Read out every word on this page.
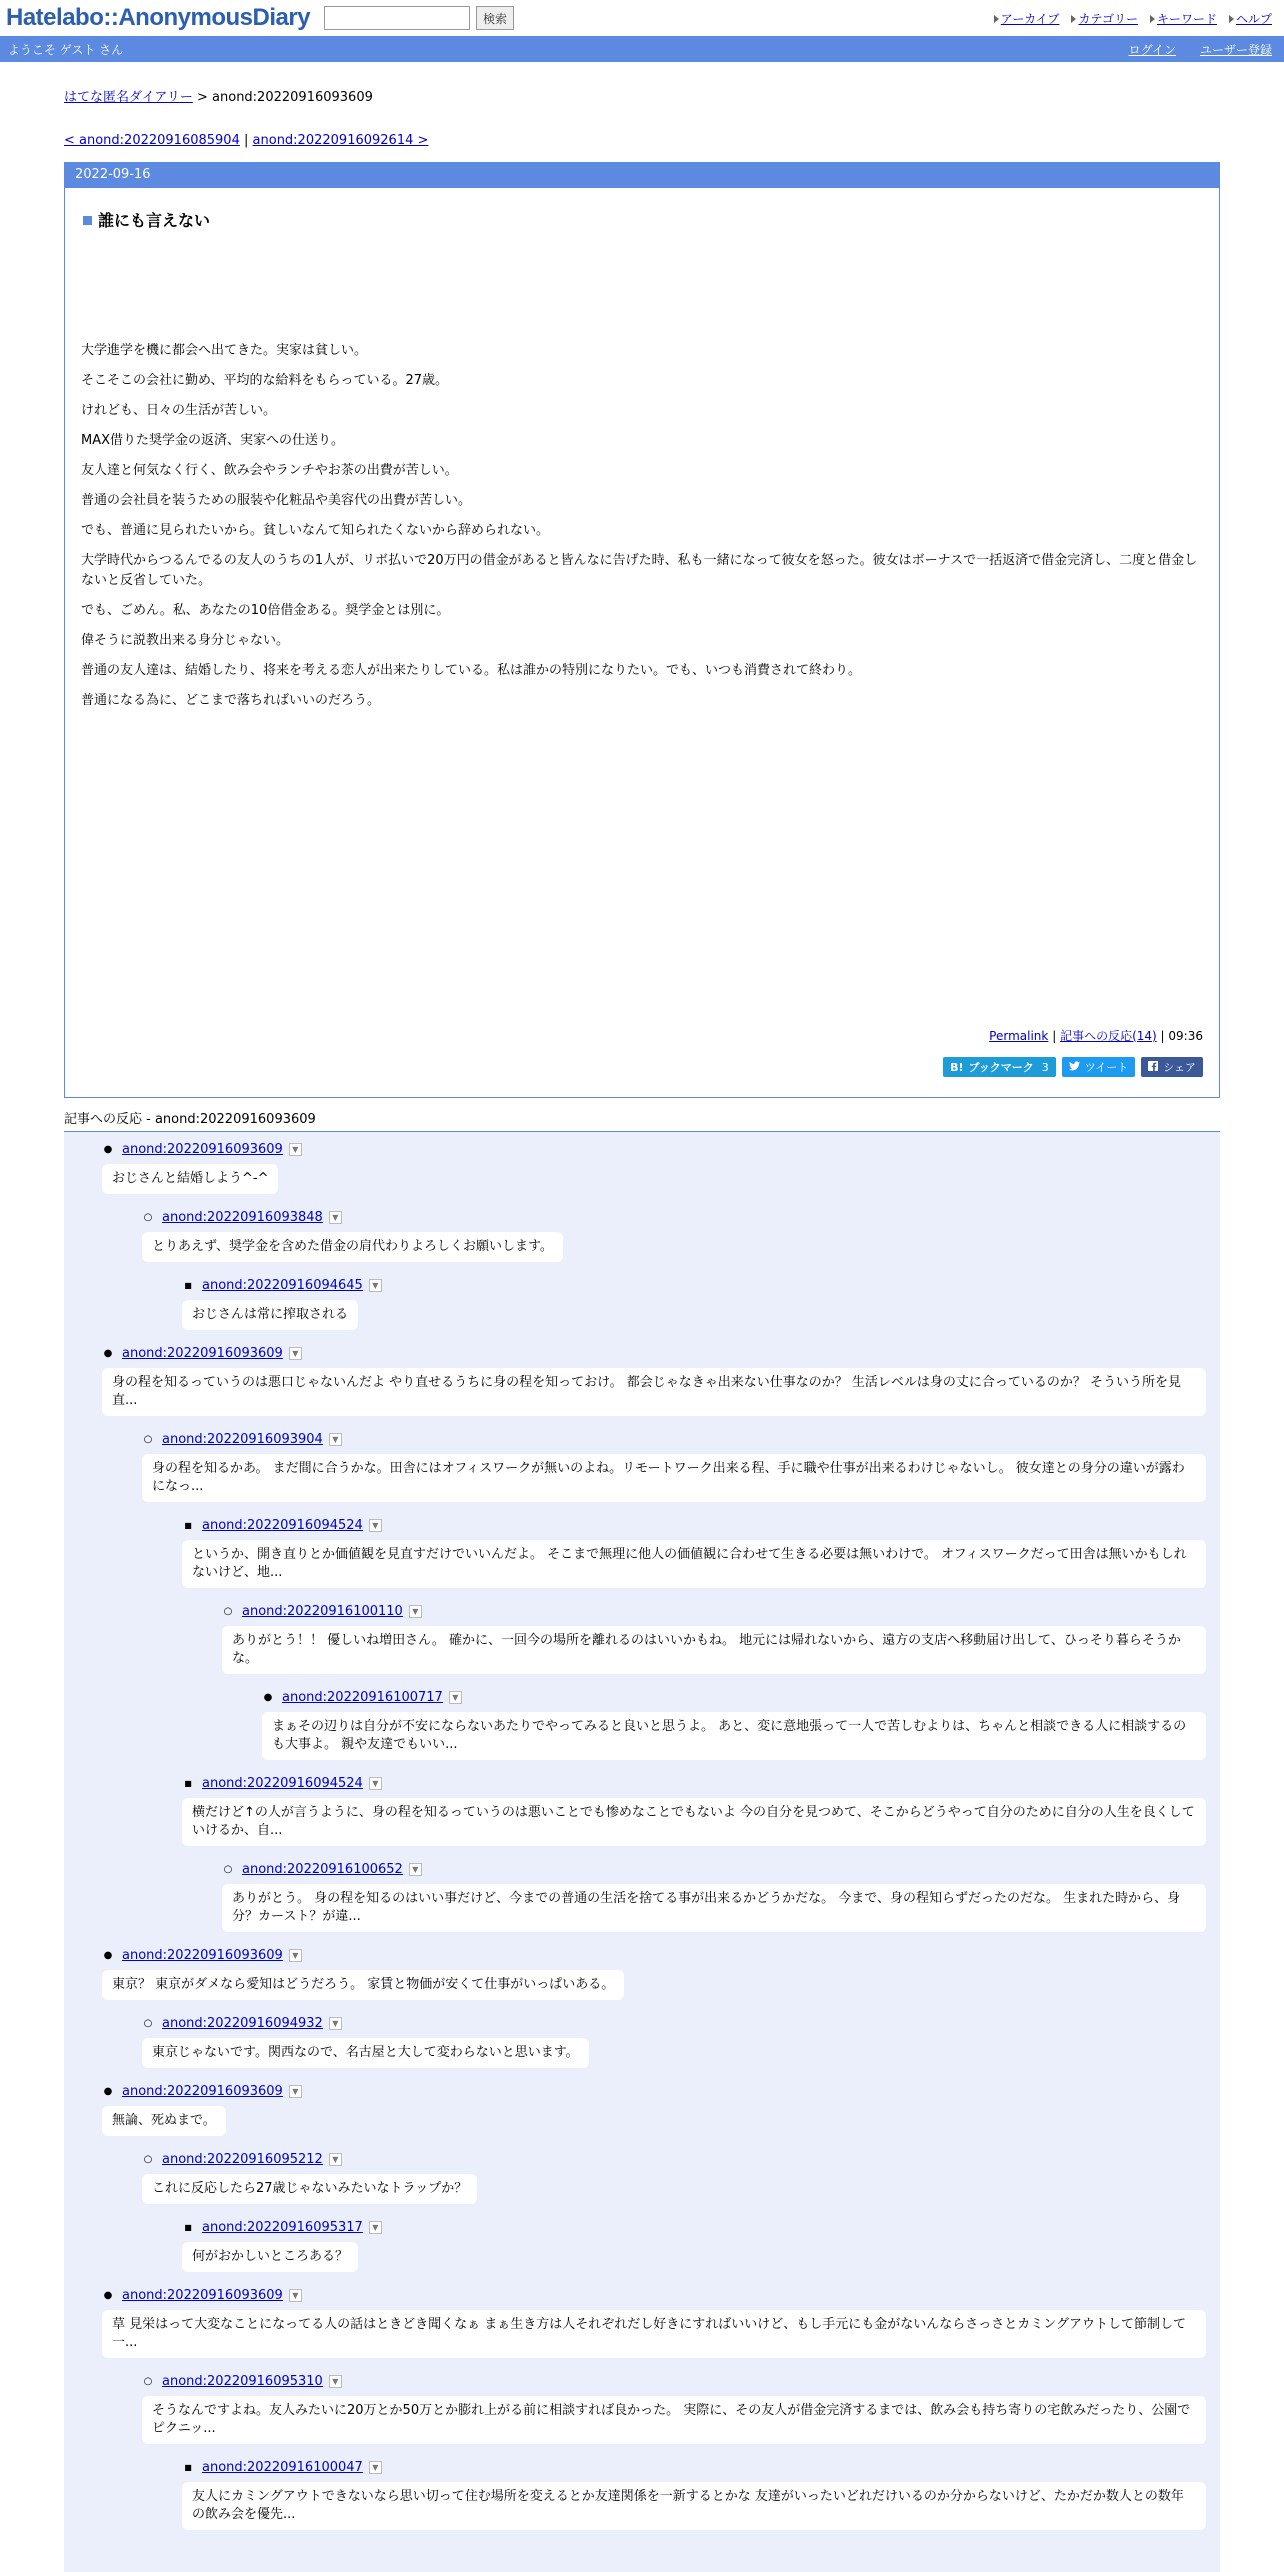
Hatelabo::AnonymousDiary	検索	アーカイブ	カテゴリー	キーワード	ヘルプ
ようこそ ゲスト さん	ログイン ユーザー登録
はてな匿名ダイアリー > anond:20220916093609
< anond:20220916085904 | anond:20220916092614 >
2022-09-16
誰にも言えない

大学進学を機に都会へ出てきた。実家は貧しい。

そこそこの会社に勤め、平均的な給料をもらっている。27歳。

けれども、日々の生活が苦しい。

MAX借りた奨学金の返済、実家への仕送り。

友人達と何気なく行く、飲み会やランチやお茶の出費が苦しい。

普通の会社員を装うための服装や化粧品や美容代の出費が苦しい。

でも、普通に見られたいから。貧しいなんて知られたくないから辞められない。

大学時代からつるんでるの友人のうちの1人が、リボ払いで20万円の借金があると皆んなに告げた時、私も一緒になって彼女を怒った。彼女はボーナスで一括返済で借金完済し、二度と借金しないと反省していた。

でも、ごめん。私、あなたの10倍借金ある。奨学金とは別に。

偉そうに説教出来る身分じゃない。

普通の友人達は、結婚したり、将来を考える恋人が出来たりしている。私は誰かの特別になりたい。でも、いつも消費されて終わり。

普通になる為に、どこまで落ちればいいのだろう。

Permalink | 記事への反応(14) | 09:36
B! ブックマーク 3	ツイート	シェア
記事への反応 - anond:20220916093609
● anond:20220916093609	▼
おじさんと結婚しよう^-^
○ anond:20220916093848	▼
とりあえず、奨学金を含めた借金の肩代わりよろしくお願いします。
■ anond:20220916094645	▼
おじさんは常に搾取される
● anond:20220916093609	▼
身の程を知るっていうのは悪口じゃないんだよ やり直せるうちに身の程を知っておけ。 都会じゃなきゃ出来ない仕事なのか？ 生活レベルは身の丈に合っているのか？ そういう所を見直...
○ anond:20220916093904	▼
身の程を知るかあ。 まだ間に合うかな。田舎にはオフィスワークが無いのよね。リモートワーク出来る程、手に職や仕事が出来るわけじゃないし。 彼女達との身分の違いが露わになっ...
■ anond:20220916094524	▼
というか、開き直りとか価値観を見直すだけでいいんだよ。 そこまで無理に他人の価値観に合わせて生きる必要は無いわけで。 オフィスワークだって田舎は無いかもしれないけど、地...
○ anond:20220916100110	▼
ありがとう！！ 優しいね増田さん。 確かに、一回今の場所を離れるのはいいかもね。 地元には帰れないから、遠方の支店へ移動届け出して、ひっそり暮らそうかな。
● anond:20220916100717	▼
まぁその辺りは自分が不安にならないあたりでやってみると良いと思うよ。 あと、変に意地張って一人で苦しむよりは、ちゃんと相談できる人に相談するのも大事よ。 親や友達でもいい...
■ anond:20220916094524	▼
横だけど↑の人が言うように、身の程を知るっていうのは悪いことでも惨めなことでもないよ 今の自分を見つめて、そこからどうやって自分のために自分の人生を良くしていけるか、自...
○ anond:20220916100652	▼
ありがとう。 身の程を知るのはいい事だけど、今までの普通の生活を捨てる事が出来るかどうかだな。 今まで、身の程知らずだったのだな。 生まれた時から、身分？カースト？が違...
● anond:20220916093609	▼
東京？ 東京がダメなら愛知はどうだろう。 家賃と物価が安くて仕事がいっぱいある。
○ anond:20220916094932	▼
東京じゃないです。関西なので、名古屋と大して変わらないと思います。
● anond:20220916093609	▼
無論、死ぬまで。
○ anond:20220916095212	▼
これに反応したら27歳じゃないみたいなトラップか？
■ anond:20220916095317	▼
何がおかしいところある？
● anond:20220916093609	▼
草 見栄はって大変なことになってる人の話はときどき聞くなぁ まぁ生き方は人それぞれだし好きにすればいいけど、もし手元にも金がないんならさっさとカミングアウトして節制して一...
○ anond:20220916095310	▼
そうなんですよね。友人みたいに20万とか50万とか膨れ上がる前に相談すれば良かった。 実際に、その友人が借金完済するまでは、飲み会も持ち寄りの宅飲みだったり、公園でピクニッ...
■ anond:20220916100047	▼
友人にカミングアウトできないなら思い切って住む場所を変えるとか友達関係を一新するとかな 友達がいったいどれだけいるのか分からないけど、たかだか数人との数年の飲み会を優先...
